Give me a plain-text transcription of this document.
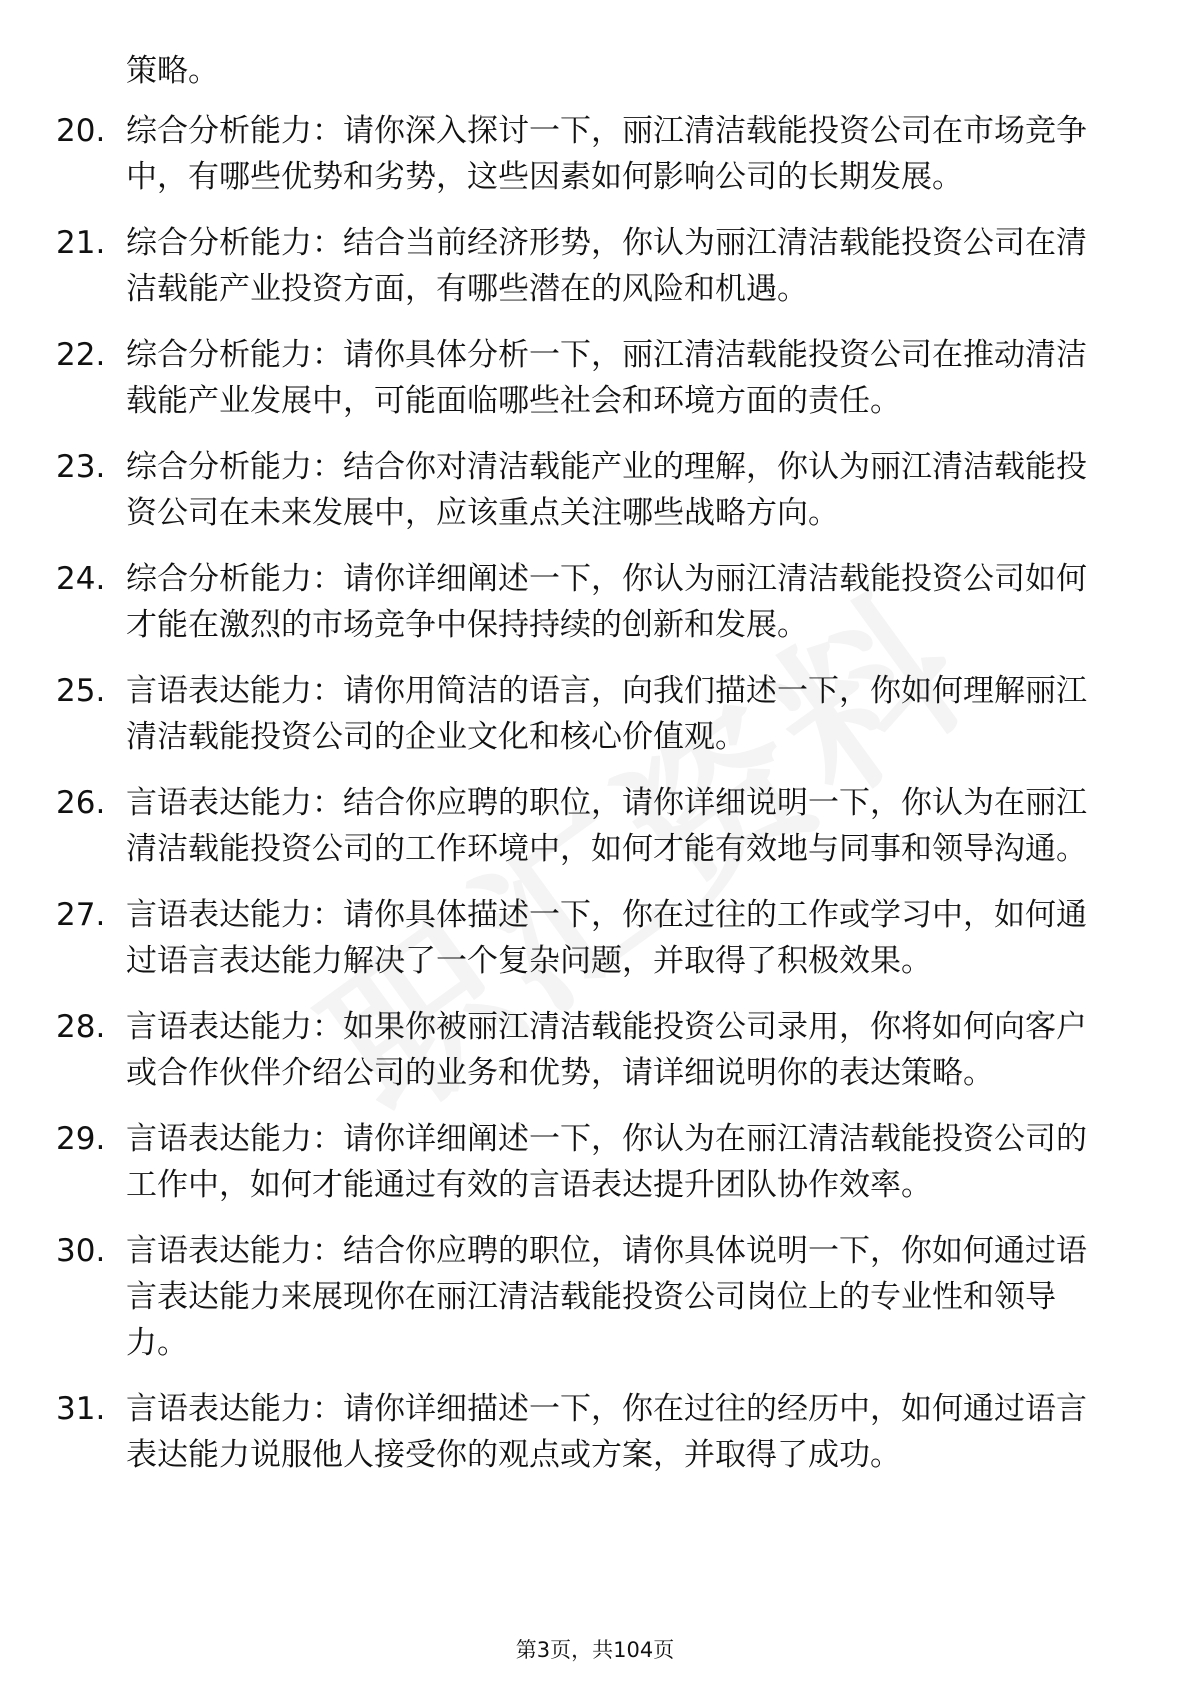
策略。
20. 综合分析能力：请你深入探讨一下，丽江清洁载能投资公司在市场竞争中，有哪些优势和劣势，这些因素如何影响公司的长期发展。
21. 综合分析能力：结合当前经济形势，你认为丽江清洁载能投资公司在清洁载能产业投资方面，有哪些潜在的风险和机遇。
22. 综合分析能力：请你具体分析一下，丽江清洁载能投资公司在推动清洁载能产业发展中，可能面临哪些社会和环境方面的责任。
23. 综合分析能力：结合你对清洁载能产业的理解，你认为丽江清洁载能投资公司在未来发展中，应该重点关注哪些战略方向。
24. 综合分析能力：请你详细阐述一下，你认为丽江清洁载能投资公司如何才能在激烈的市场竞争中保持持续的创新和发展。
25. 言语表达能力：请你用简洁的语言，向我们描述一下，你如何理解丽江清洁载能投资公司的企业文化和核心价值观。
26. 言语表达能力：结合你应聘的职位，请你详细说明一下，你认为在丽江清洁载能投资公司的工作环境中，如何才能有效地与同事和领导沟通。
27. 言语表达能力：请你具体描述一下，你在过往的工作或学习中，如何通过语言表达能力解决了一个复杂问题，并取得了积极效果。
28. 言语表达能力：如果你被丽江清洁载能投资公司录用，你将如何向客户或合作伙伴介绍公司的业务和优势，请详细说明你的表达策略。
29. 言语表达能力：请你详细阐述一下，你认为在丽江清洁载能投资公司的工作中，如何才能通过有效的言语表达提升团队协作效率。
30. 言语表达能力：结合你应聘的职位，请你具体说明一下，你如何通过语言表达能力来展现你在丽江清洁载能投资公司岗位上的专业性和领导力。
31. 言语表达能力：请你详细描述一下，你在过往的经历中，如何通过语言表达能力说服他人接受你的观点或方案，并取得了成功。
第3页，共104页
